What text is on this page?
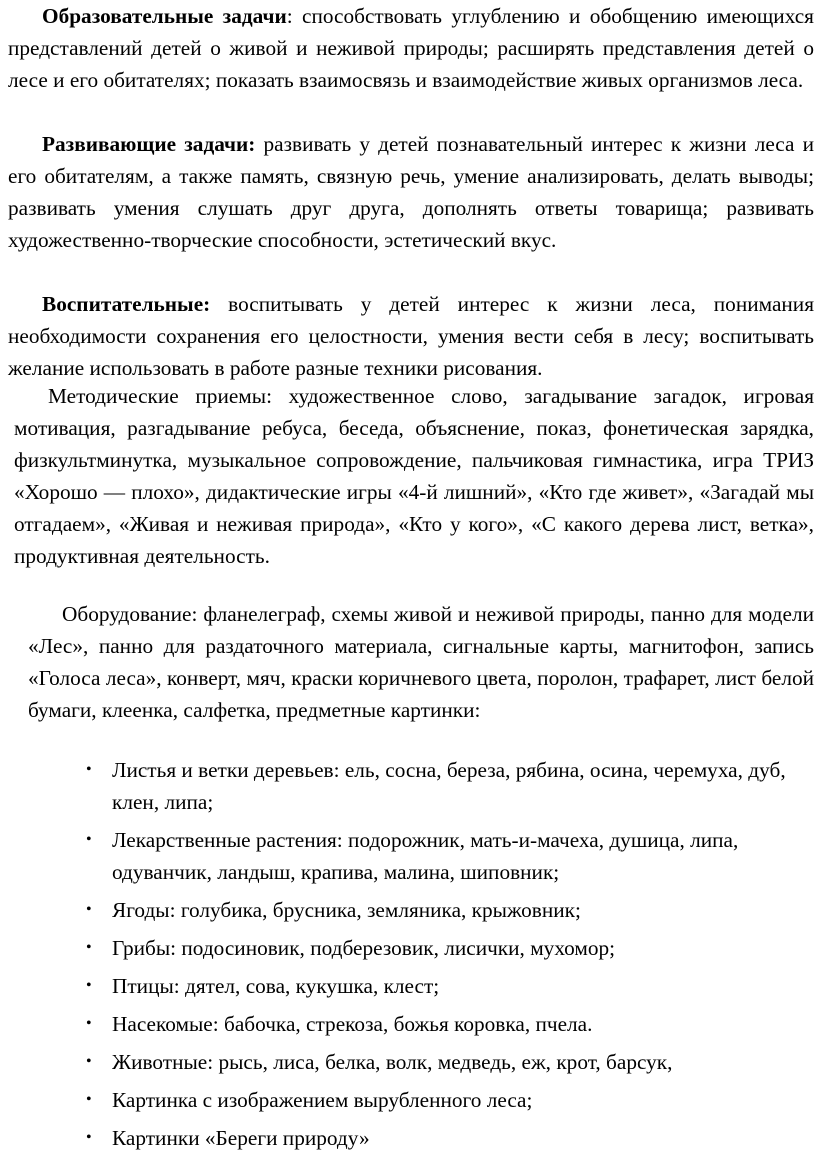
Образовательные задачи: способствовать углублению и обобщению имеющихся представлений детей о живой и неживой природы; расширять представления детей о лесе и его обитателях; показать взаимосвязь и взаимодействие живых организмов леса.

Развивающие задачи: развивать у детей познавательный интерес к жизни леса и его обитателям, а также память, связную речь, умение анализировать, делать выводы; развивать умения слушать друг друга, дополнять ответы товарища; развивать художественно-творческие способности, эстетический вкус.

Воспитательные: воспитывать у детей интерес к жизни леса, понимания необходимости сохранения его целостности, умения вести себя в лесу; воспитывать желание использовать в работе разные техники рисования.

Методические приемы: художественное слово, загадывание загадок, игровая мотивация, разгадывание ребуса, беседа, объяснение, показ, фонетическая зарядка, физкультминутка, музыкальное сопровождение, пальчиковая гимнастика, игра ТРИЗ «Хорошо — плохо», дидактические игры «4-й лишний», «Кто где живет», «Загадай мы отгадаем», «Живая и неживая природа», «Кто у кого», «С какого дерева лист, ветка», продуктивная деятельность.

Оборудование: фланелеграф, схемы живой и неживой природы, панно для модели «Лес», панно для раздаточного материала, сигнальные карты, магнитофон, запись «Голоса леса», конверт, мяч, краски коричневого цвета, поролон, трафарет, лист белой бумаги, клеенка, салфетка, предметные картинки:

• Листья и ветки деревьев: ель, сосна, береза, рябина, осина, черемуха, дуб, клен, липа;
• Лекарственные растения: подорожник, мать-и-мачеха, душица, липа, одуванчик, ландыш, крапива, малина, шиповник;
• Ягоды: голубика, брусника, земляника, крыжовник;
• Грибы: подосиновик, подберезовик, лисички, мухомор;
• Птицы: дятел, сова, кукушка, клест;
• Насекомые: бабочка, стрекоза, божья коровка, пчела.
• Животные: рысь, лиса, белка, волк, медведь, еж, крот, барсук,
• Картинка с изображением вырубленного леса;
• Картинки «Береги природу»
